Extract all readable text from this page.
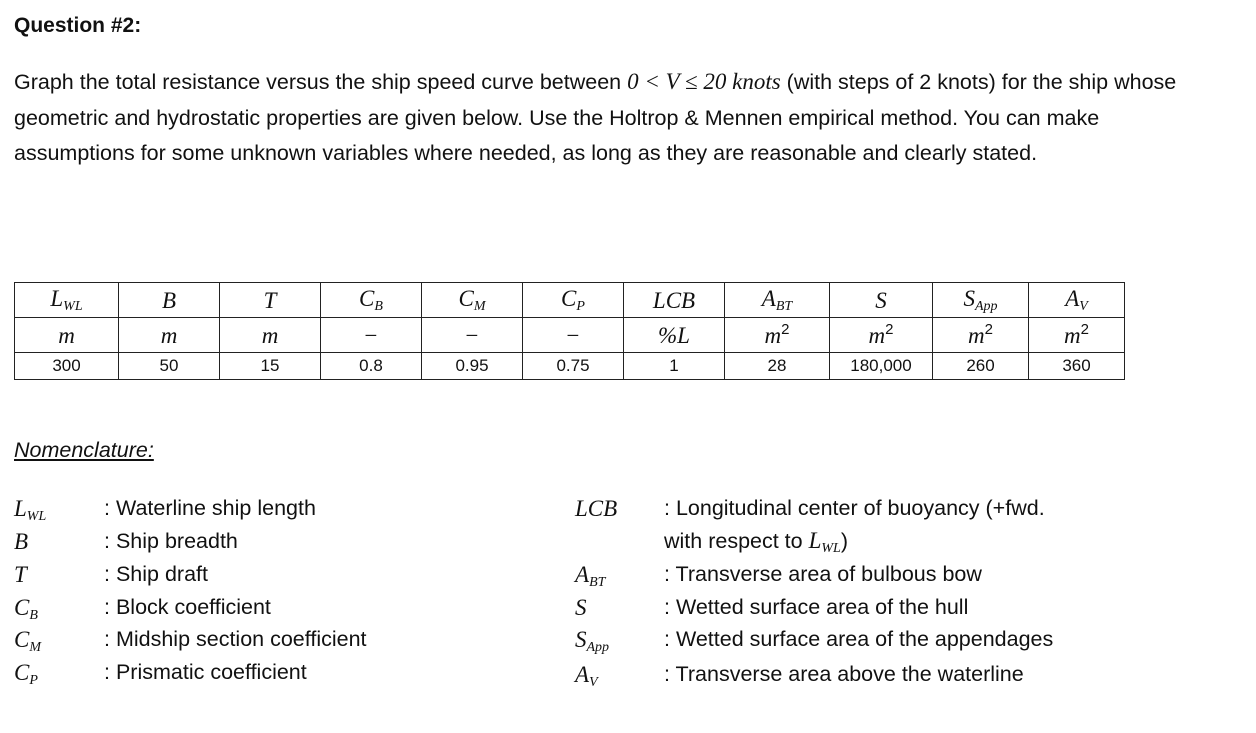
Question #2:
Graph the total resistance versus the ship speed curve between 0 < V ≤ 20 knots (with steps of 2 knots) for the ship whose geometric and hydrostatic properties are given below. Use the Holtrop & Mennen empirical method. You can make assumptions for some unknown variables where needed, as long as they are reasonable and clearly stated.
$L_{WL}$	B	T	$C_B$	$C_M$	$C_P$	LCB	$A_{BT}$	S	$S_{App}$	$A_V$
m	m	m	−	−	−	%L	$m^2$	$m^2$	$m^2$	$m^2$
300	50	15	0.8	0.95	0.75	1	28	180,000	260	360
Nomenclature:
$L_{WL}$	: Waterline ship length
B	: Ship breadth
T	: Ship draft
$C_B$	: Block coefficient
$C_M$	: Midship section coefficient
$C_P$	: Prismatic coefficient
LCB : Longitudinal center of buoyancy (+fwd.
with respect to $L_{WL}$)
$A_{BT}$	: Transverse area of bulbous bow
S	: Wetted surface area of the hull
$S_{App}$	: Wetted surface area of the appendages
$A_V$	: Transverse area above the waterline
